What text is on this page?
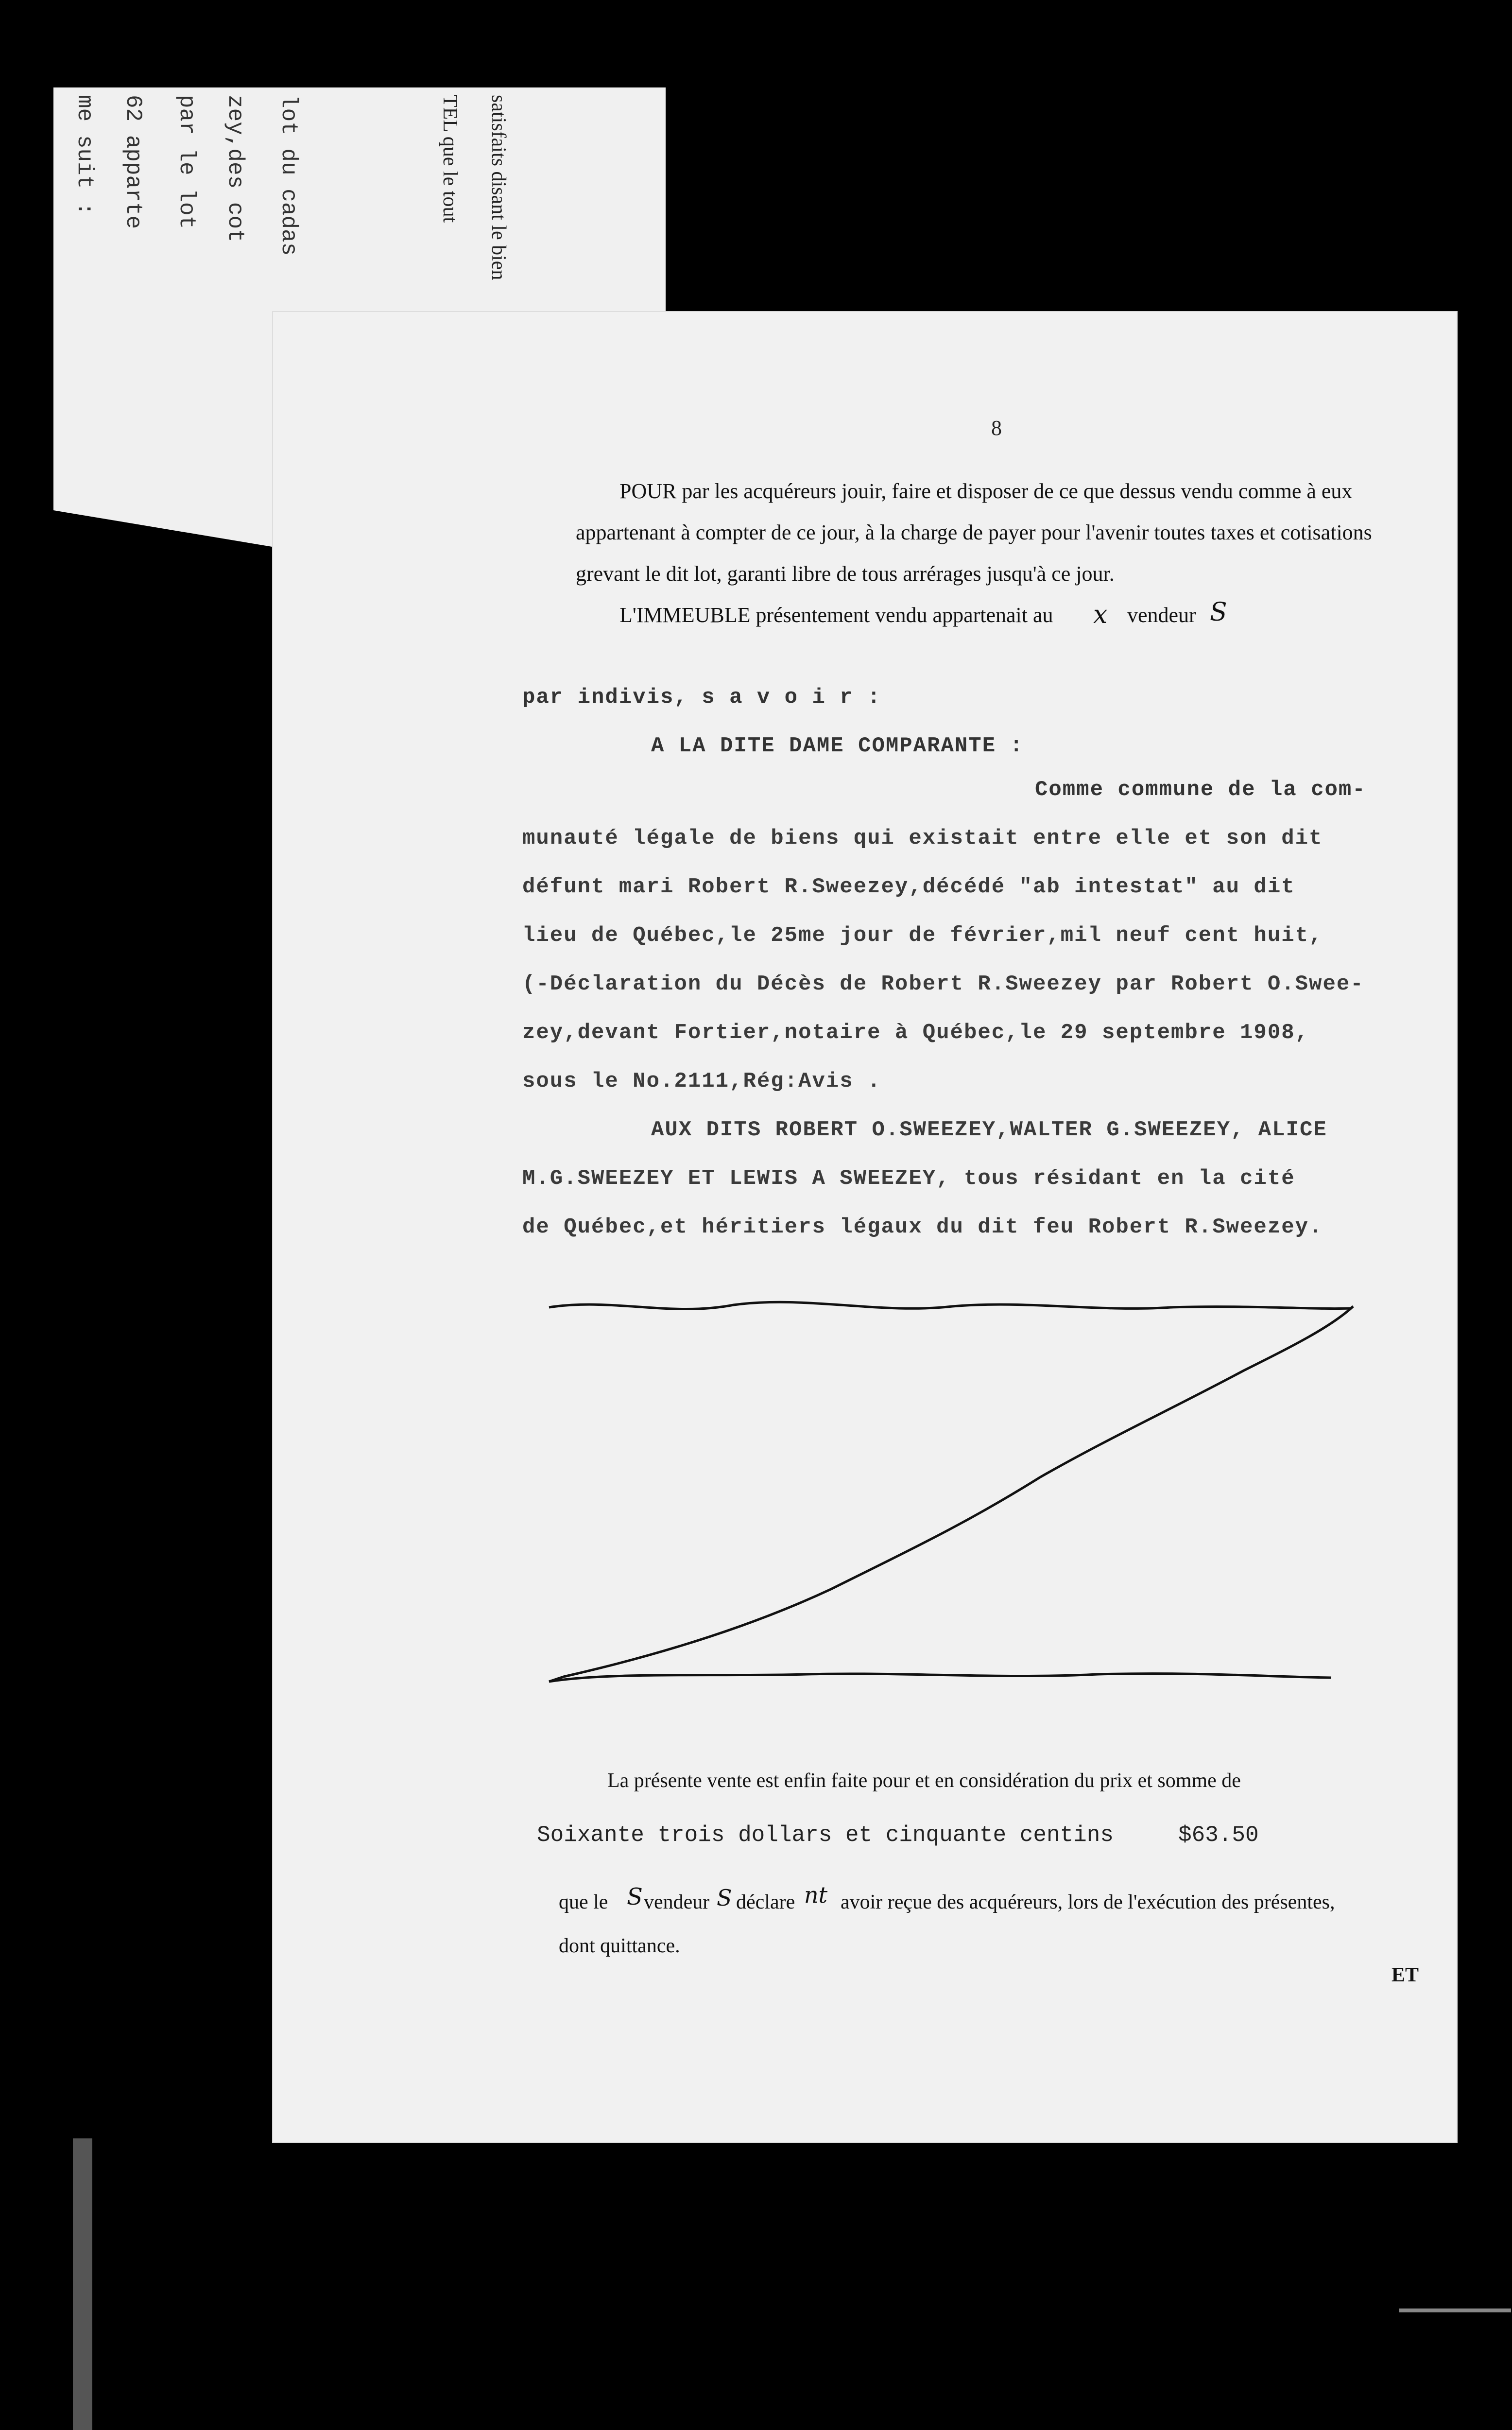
me suit : 62 apparte par le lot zey,des cot lot du cadas	TEL que le tout satisfaits disant le bien
8
POUR par les acquéreurs jouir, faire et disposer de ce que dessus vendu comme à eux
appartenant à compter de ce jour, à la charge de payer pour l'avenir toutes taxes et cotisations
grevant le dit lot, garanti libre de tous arrérages jusqu'à ce jour.
L'IMMEUBLE présentement vendu appartenait au x vendeur S
par indivis, s a v o i r :
A LA DITE DAME COMPARANTE :
Comme commune de la com-
munauté légale de biens qui existait entre elle et son dit
défunt mari Robert R.Sweezey,décédé "ab intestat" au dit
lieu de Québec,le 25me jour de février,mil neuf cent huit,
(-Déclaration du Décès de Robert R.Sweezey par Robert O.Swee-
zey,devant Fortier,notaire à Québec,le 29 septembre 1908,
sous le No.2111,Rég:Avis .
AUX DITS ROBERT O.SWEEZEY,WALTER G.SWEEZEY, ALICE
M.G.SWEEZEY ET LEWIS A SWEEZEY, tous résidant en la cité
de Québec,et héritiers légaux du dit feu Robert R.Sweezey.
La présente vente est enfin faite pour et en considération du prix et somme de
Soixante trois dollars et cinquante centins	$63.50
que le S vendeur S déclare nt avoir reçue des acquéreurs, lors de l'exécution des présentes,
dont quittance.
ET
